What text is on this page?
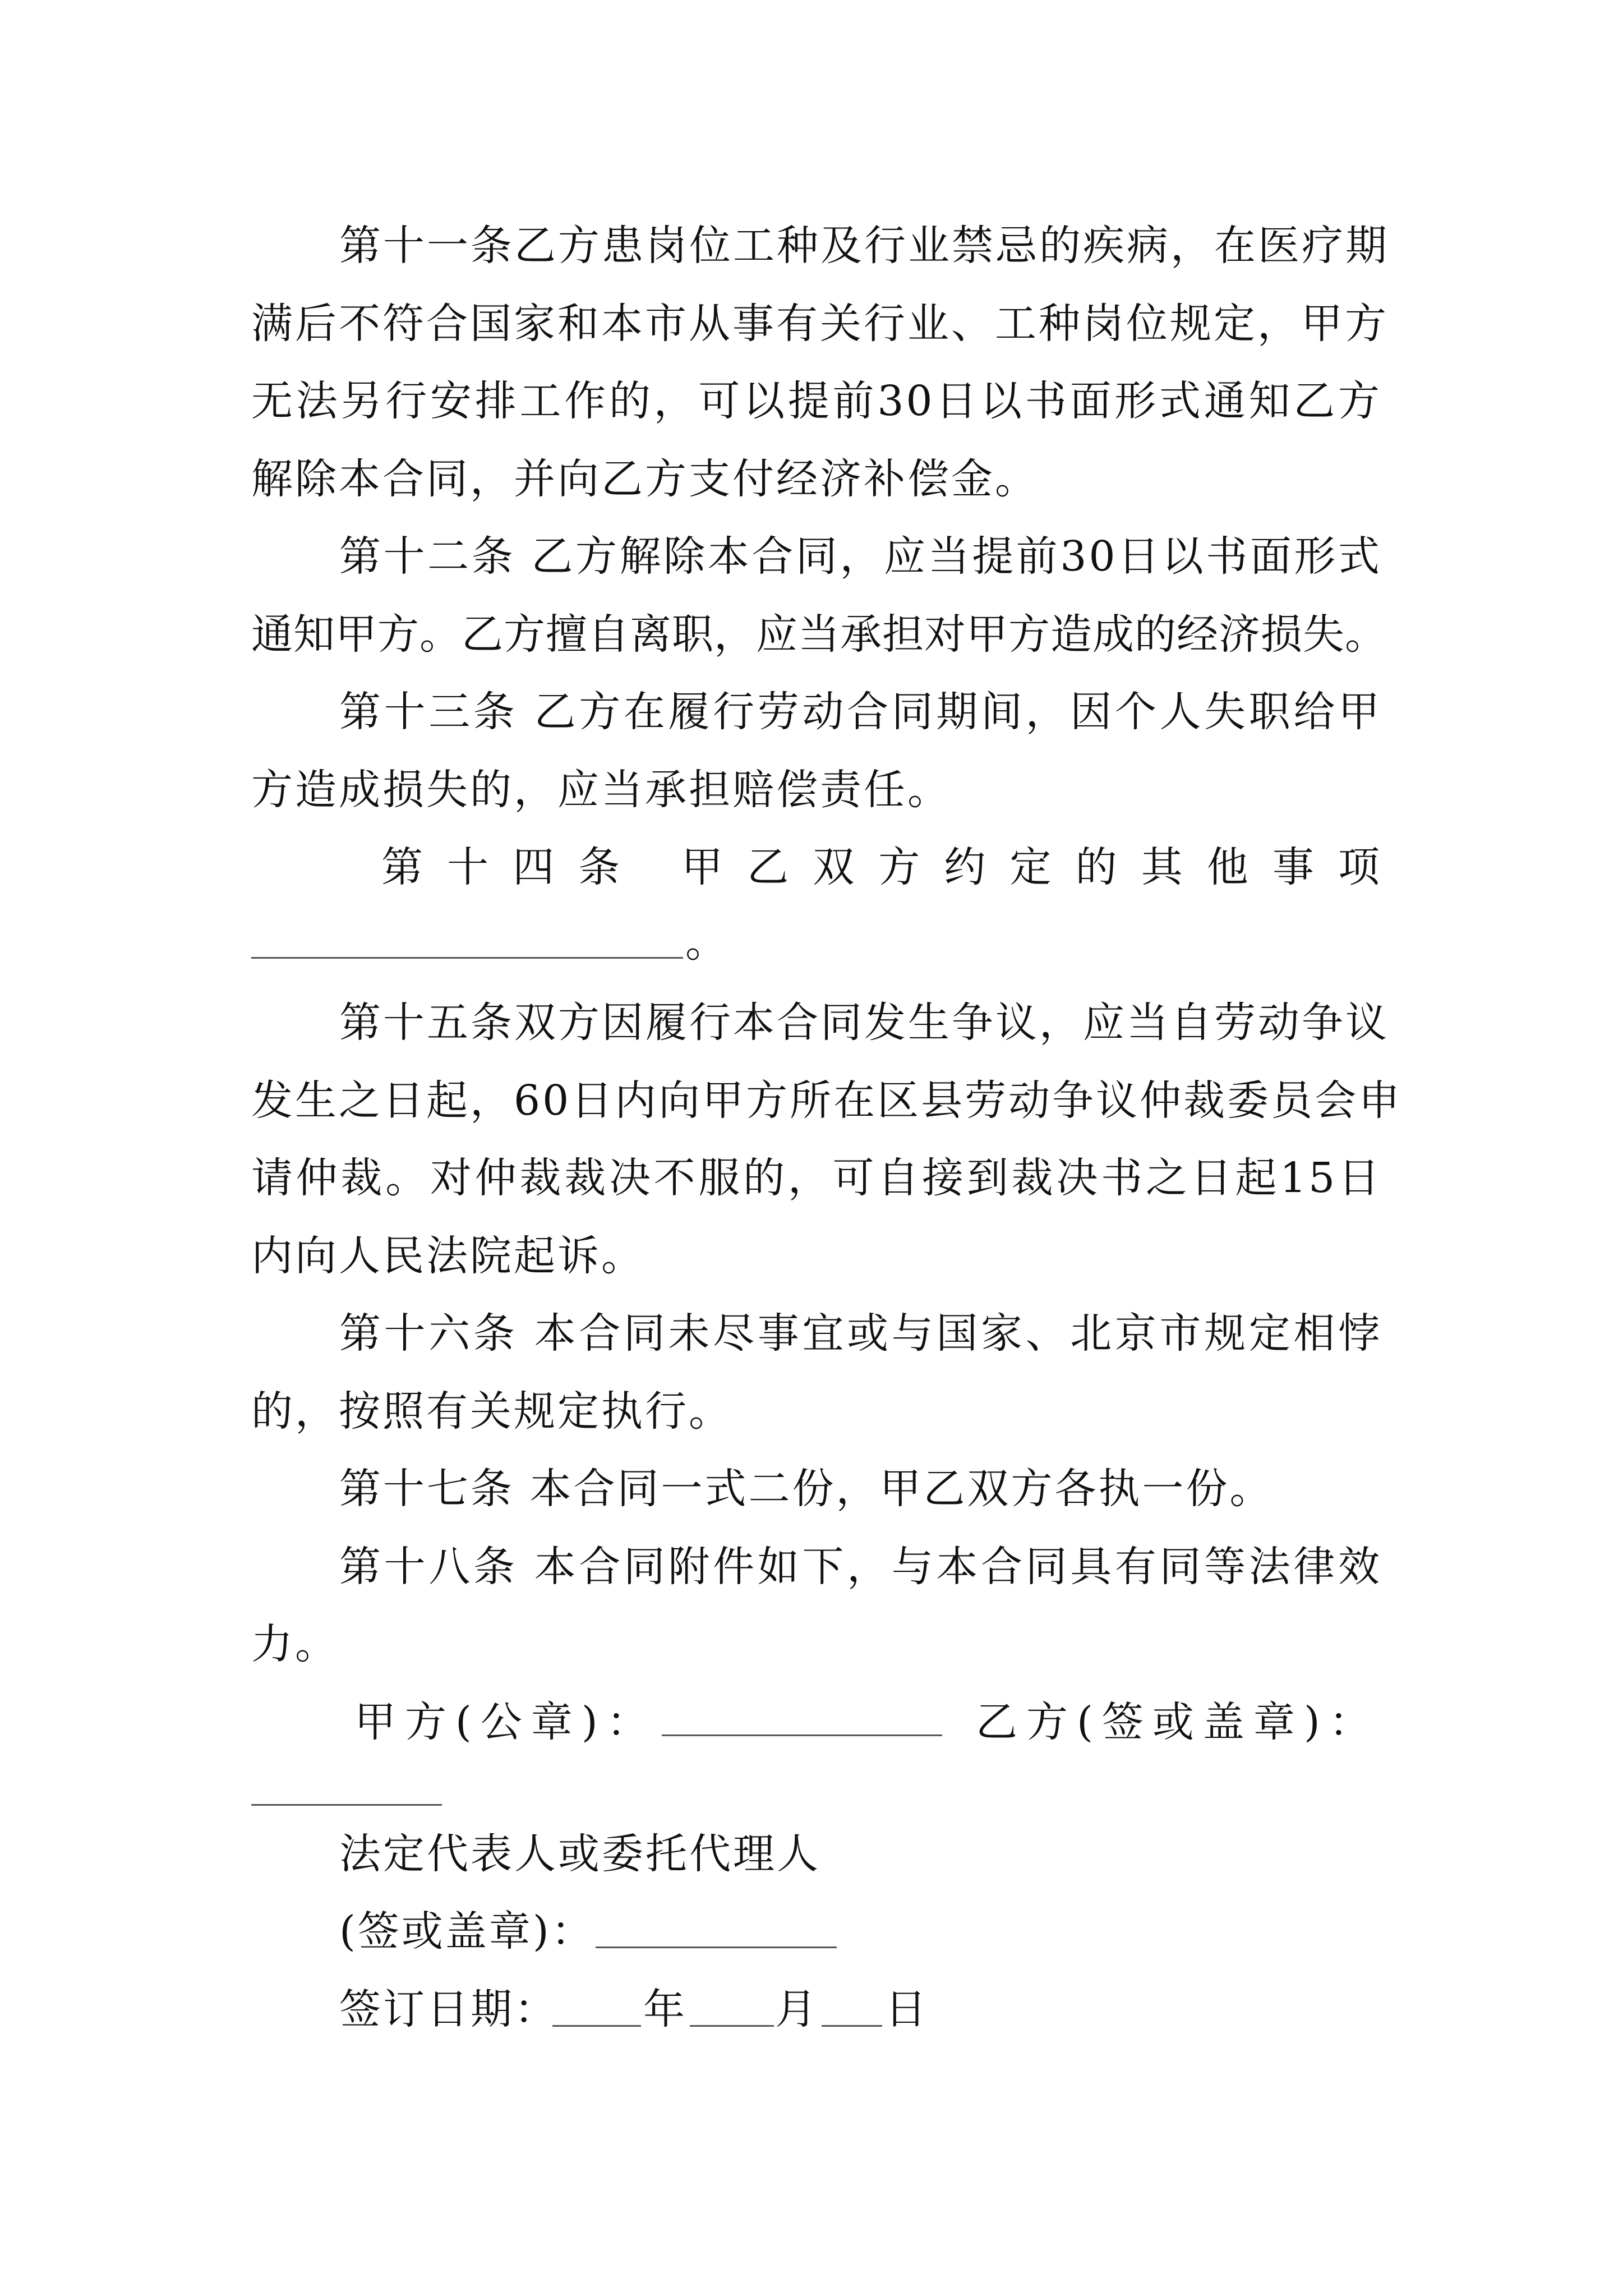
第十一条乙方患岗位工种及行业禁忌的疾病，在医疗期
满后不符合国家和本市从事有关行业、工种岗位规定，甲方
无法另行安排工作的，可以提前30日以书面形式通知乙方
解除本合同，并向乙方支付经济补偿金。
第十二条 乙方解除本合同，应当提前30日以书面形式
通知甲方。乙方擅自离职，应当承担对甲方造成的经济损失。
第十三条 乙方在履行劳动合同期间，因个人失职给甲
方造成损失的，应当承担赔偿责任。
第十四条 甲乙双方约定的其他事项
。
第十五条双方因履行本合同发生争议，应当自劳动争议
发生之日起，60日内向甲方所在区县劳动争议仲裁委员会申
请仲裁。对仲裁裁决不服的，可自接到裁决书之日起15日
内向人民法院起诉。
第十六条 本合同未尽事宜或与国家、北京市规定相悖
的，按照有关规定执行。
第十七条 本合同一式二份，甲乙双方各执一份。
第十八条 本合同附件如下，与本合同具有同等法律效
力。
甲方(公章)：	乙方(签或盖章)：
法定代表人或委托代理人
(签或盖章)：
签订日期： 年 月 日
